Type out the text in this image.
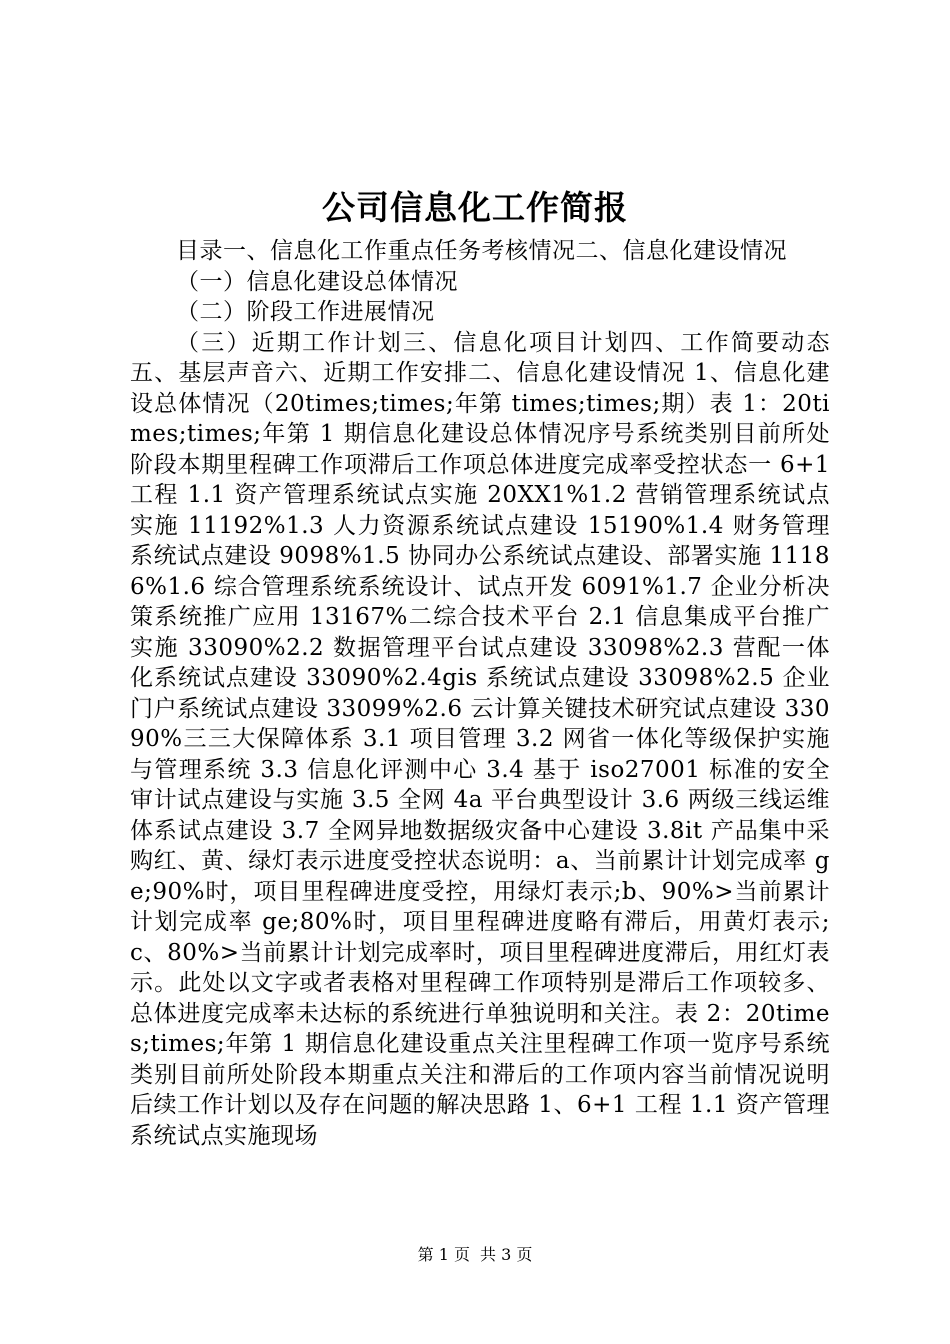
公司信息化工作简报

目录一、信息化工作重点任务考核情况二、信息化建设情况

（一）信息化建设总体情况

（二）阶段工作进展情况

（三）近期工作计划三、信息化项目计划四、工作简要动态五、基层声音六、近期工作安排二、信息化建设情况 1、信息化建设总体情况（20times;times;年第 times;times;期）表 1：20times;times;年第 1 期信息化建设总体情况序号系统类别目前所处阶段本期里程碑工作项滞后工作项总体进度完成率受控状态一 6+1 工程 1.1 资产管理系统试点实施 20XX1%1.2 营销管理系统试点实施 11192%1.3 人力资源系统试点建设 15190%1.4 财务管理系统试点建设 9098%1.5 协同办公系统试点建设、部署实施 11186%1.6 综合管理系统系统设计、试点开发 6091%1.7 企业分析决策系统推广应用 13167%二综合技术平台 2.1 信息集成平台推广实施 33090%2.2 数据管理平台试点建设 33098%2.3 营配一体化系统试点建设 33090%2.4gis 系统试点建设 33098%2.5 企业门户系统试点建设 33099%2.6 云计算关键技术研究试点建设 33090%三三大保障体系 3.1 项目管理 3.2 网省一体化等级保护实施与管理系统 3.3 信息化评测中心 3.4 基于 iso27001 标准的安全审计试点建设与实施 3.5 全网 4a 平台典型设计 3.6 两级三线运维体系试点建设 3.7 全网异地数据级灾备中心建设 3.8it 产品集中采购红、黄、绿灯表示进度受控状态说明：a、当前累计计划完成率 ge;90%时，项目里程碑进度受控，用绿灯表示;b、90%>当前累计计划完成率 ge;80%时，项目里程碑进度略有滞后，用黄灯表示;c、80%>当前累计计划完成率时，项目里程碑进度滞后，用红灯表示。此处以文字或者表格对里程碑工作项特别是滞后工作项较多、总体进度完成率未达标的系统进行单独说明和关注。表 2：20times;times;年第 1 期信息化建设重点关注里程碑工作项一览序号系统类别目前所处阶段本期重点关注和滞后的工作项内容当前情况说明后续工作计划以及存在问题的解决思路 1、6+1 工程 1.1 资产管理系统试点实施现场

第 1 页 共 3 页
